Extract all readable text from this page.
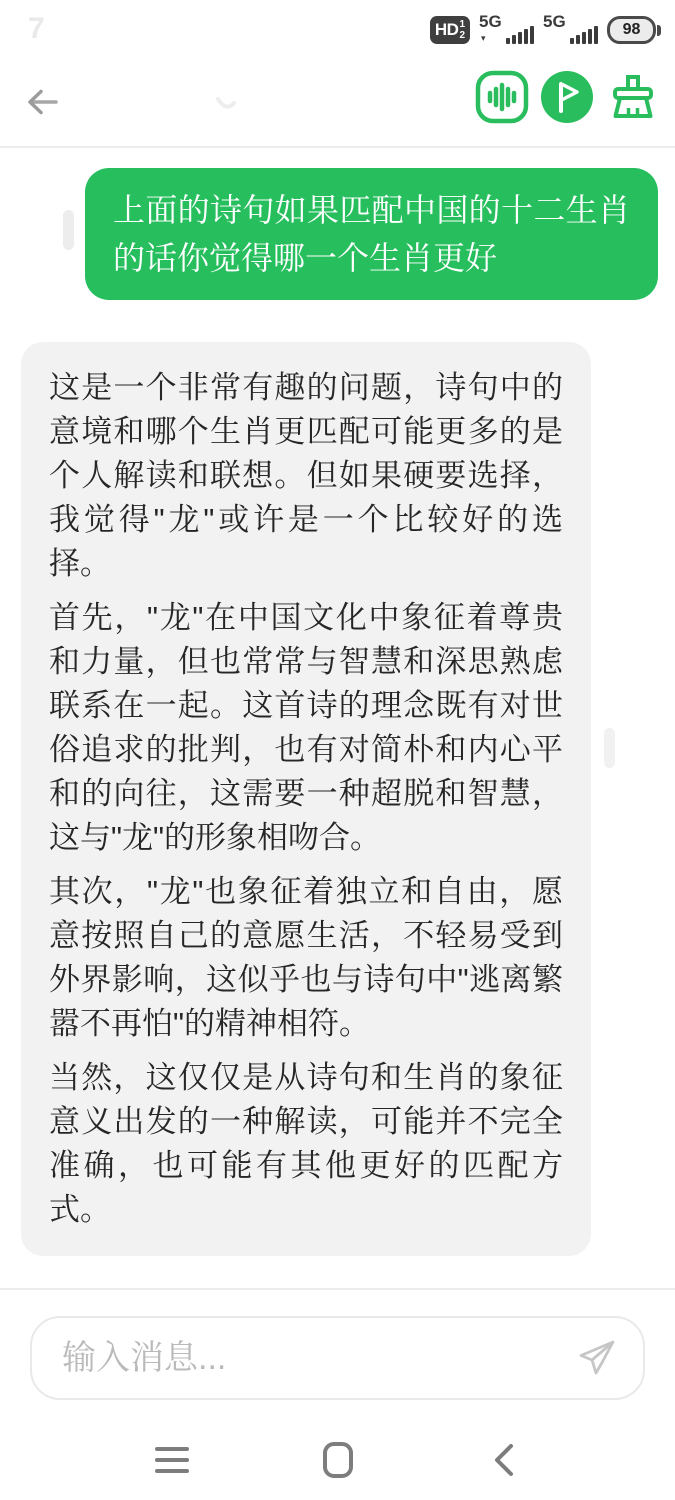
7	HD 1
2
5G
▾
5G	98
上面的诗句如果匹配中国的十二生肖的话你觉得哪一个生肖更好

这是一个非常有趣的问题，诗句中的意境和哪个生肖更匹配可能更多的是个人解读和联想。但如果硬要选择，我觉得"龙"或许是一个比较好的选择。

首先，"龙"在中国文化中象征着尊贵和力量，但也常常与智慧和深思熟虑联系在一起。这首诗的理念既有对世俗追求的批判，也有对简朴和内心平和的向往，这需要一种超脱和智慧，这与"龙"的形象相吻合。

其次，"龙"也象征着独立和自由，愿意按照自己的意愿生活，不轻易受到外界影响，这似乎也与诗句中"逃离繁嚣不再怕"的精神相符。

当然，这仅仅是从诗句和生肖的象征意义出发的一种解读，可能并不完全准确，也可能有其他更好的匹配方式。

输入消息...
